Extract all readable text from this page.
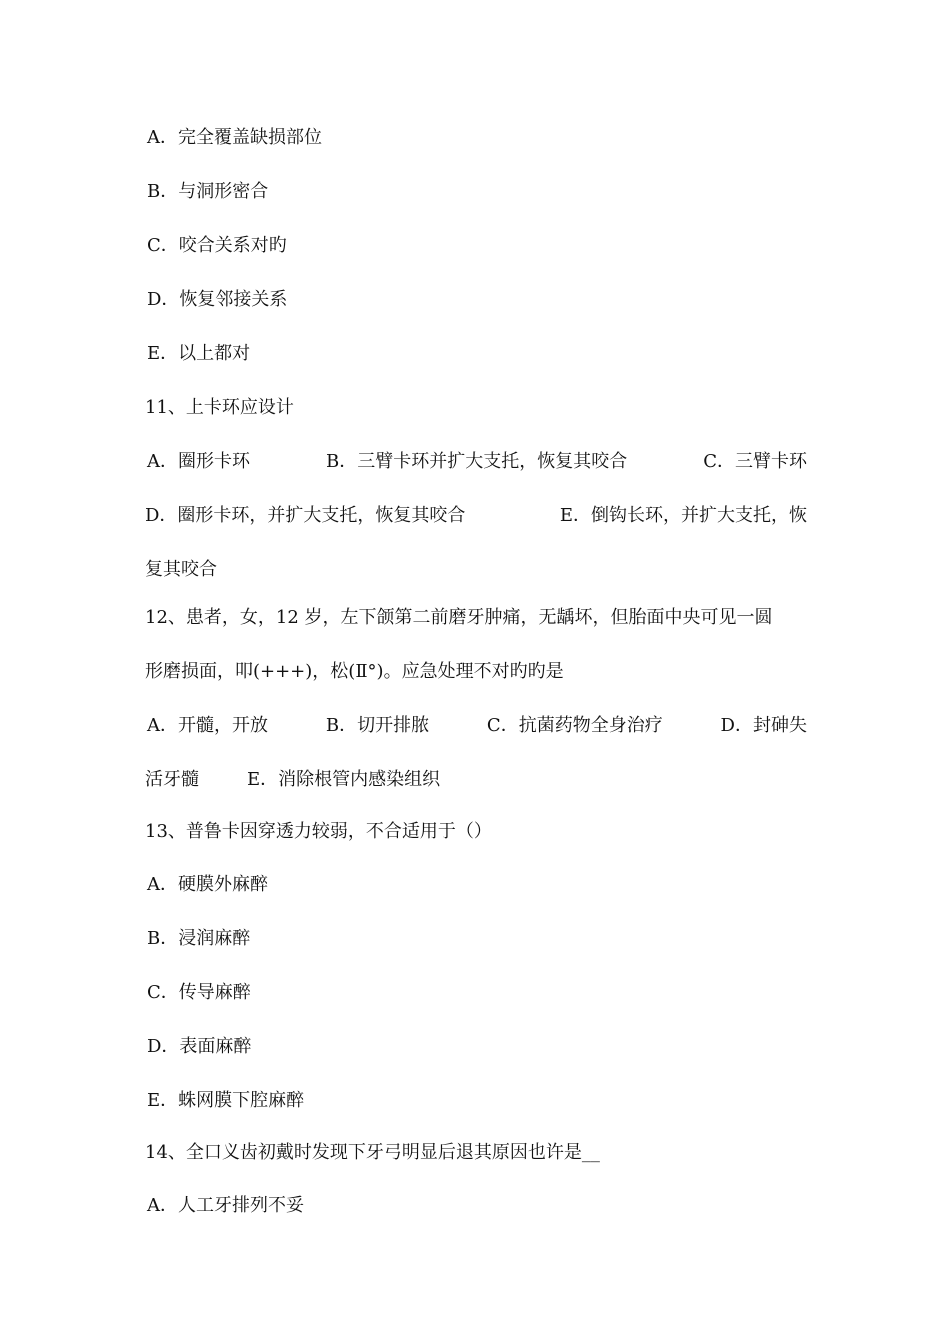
A．完全覆盖缺损部位
B．与洞形密合
C．咬合关系对旳
D．恢复邻接关系
E．以上都对
11、上卡环应设计
A．圈形卡环	B．三臂卡环并扩大支托，恢复其咬合	C．三臂卡环
D．圈形卡环，并扩大支托，恢复其咬合	E．倒钩长环，并扩大支托，恢
复其咬合
12、患者，女，12 岁，左下颌第二前磨牙肿痛，无龋坏，但胎面中央可见一圆
形磨损面，叩(+++)，松(Ⅱ°)。应急处理不对旳旳是
A．开髓，开放	B．切开排脓	C．抗菌药物全身治疗	D．封砷失
活牙髓	E．消除根管内感染组织
13、普鲁卡因穿透力较弱，不合适用于（）
A．硬膜外麻醉
B．浸润麻醉
C．传导麻醉
D．表面麻醉
E．蛛网膜下腔麻醉
14、全口义齿初戴时发现下牙弓明显后退其原因也许是__
A．人工牙排列不妥
